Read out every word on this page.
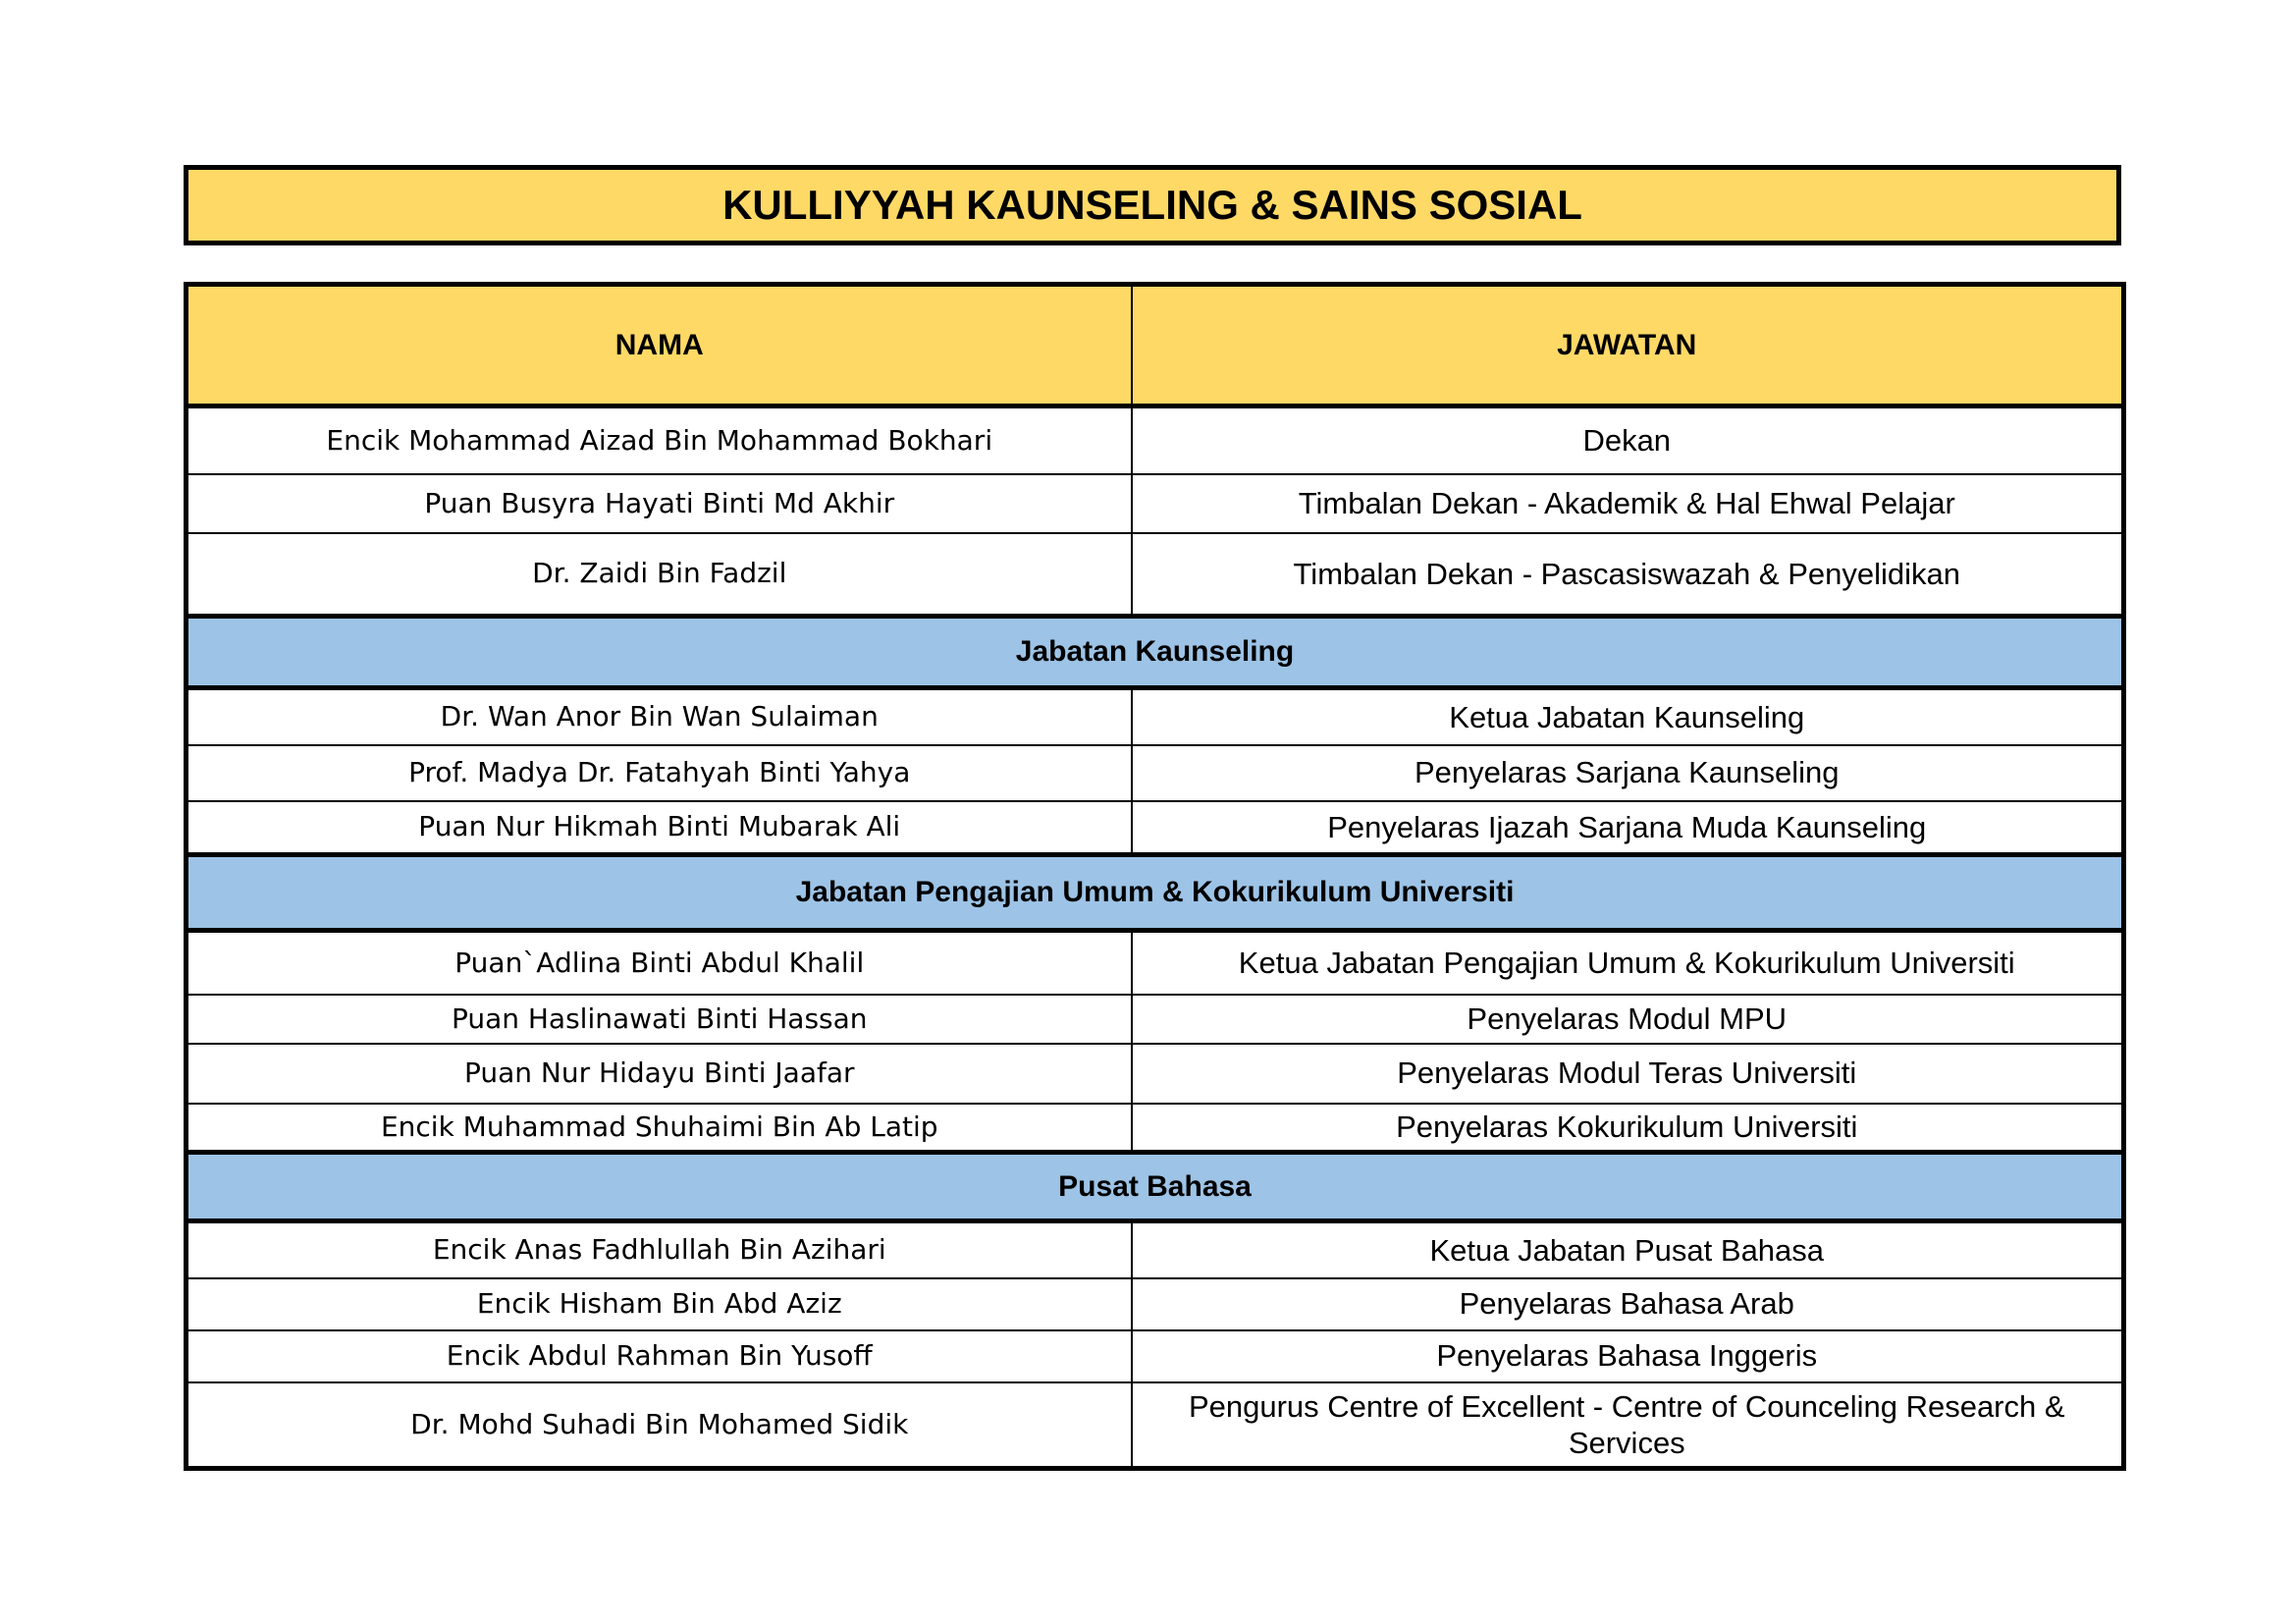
KULLIYYAH KAUNSELING & SAINS SOSIAL
NAMA	JAWATAN
Encik Mohammad Aizad Bin Mohammad Bokhari	Dekan
Puan Busyra Hayati Binti Md Akhir	Timbalan Dekan - Akademik & Hal Ehwal Pelajar
Dr. Zaidi Bin Fadzil	Timbalan Dekan - Pascasiswazah & Penyelidikan
Jabatan Kaunseling	
Dr. Wan Anor Bin Wan Sulaiman	Ketua Jabatan Kaunseling
Prof. Madya Dr. Fatahyah Binti Yahya	Penyelaras Sarjana Kaunseling
Puan Nur Hikmah Binti Mubarak Ali	Penyelaras Ijazah Sarjana Muda Kaunseling
Jabatan Pengajian Umum & Kokurikulum Universiti	
Puan`Adlina Binti Abdul Khalil	Ketua Jabatan Pengajian Umum & Kokurikulum Universiti
Puan Haslinawati Binti Hassan	Penyelaras Modul MPU
Puan Nur Hidayu Binti Jaafar	Penyelaras Modul Teras Universiti
Encik Muhammad Shuhaimi Bin Ab Latip	Penyelaras Kokurikulum Universiti
Pusat Bahasa	
Encik Anas Fadhlullah Bin Azihari	Ketua Jabatan Pusat Bahasa
Encik Hisham Bin Abd Aziz	Penyelaras Bahasa Arab
Encik Abdul Rahman Bin Yusoff	Penyelaras Bahasa Inggeris
Dr. Mohd Suhadi Bin Mohamed Sidik	Pengurus Centre of Excellent - Centre of Counceling Research & Services
